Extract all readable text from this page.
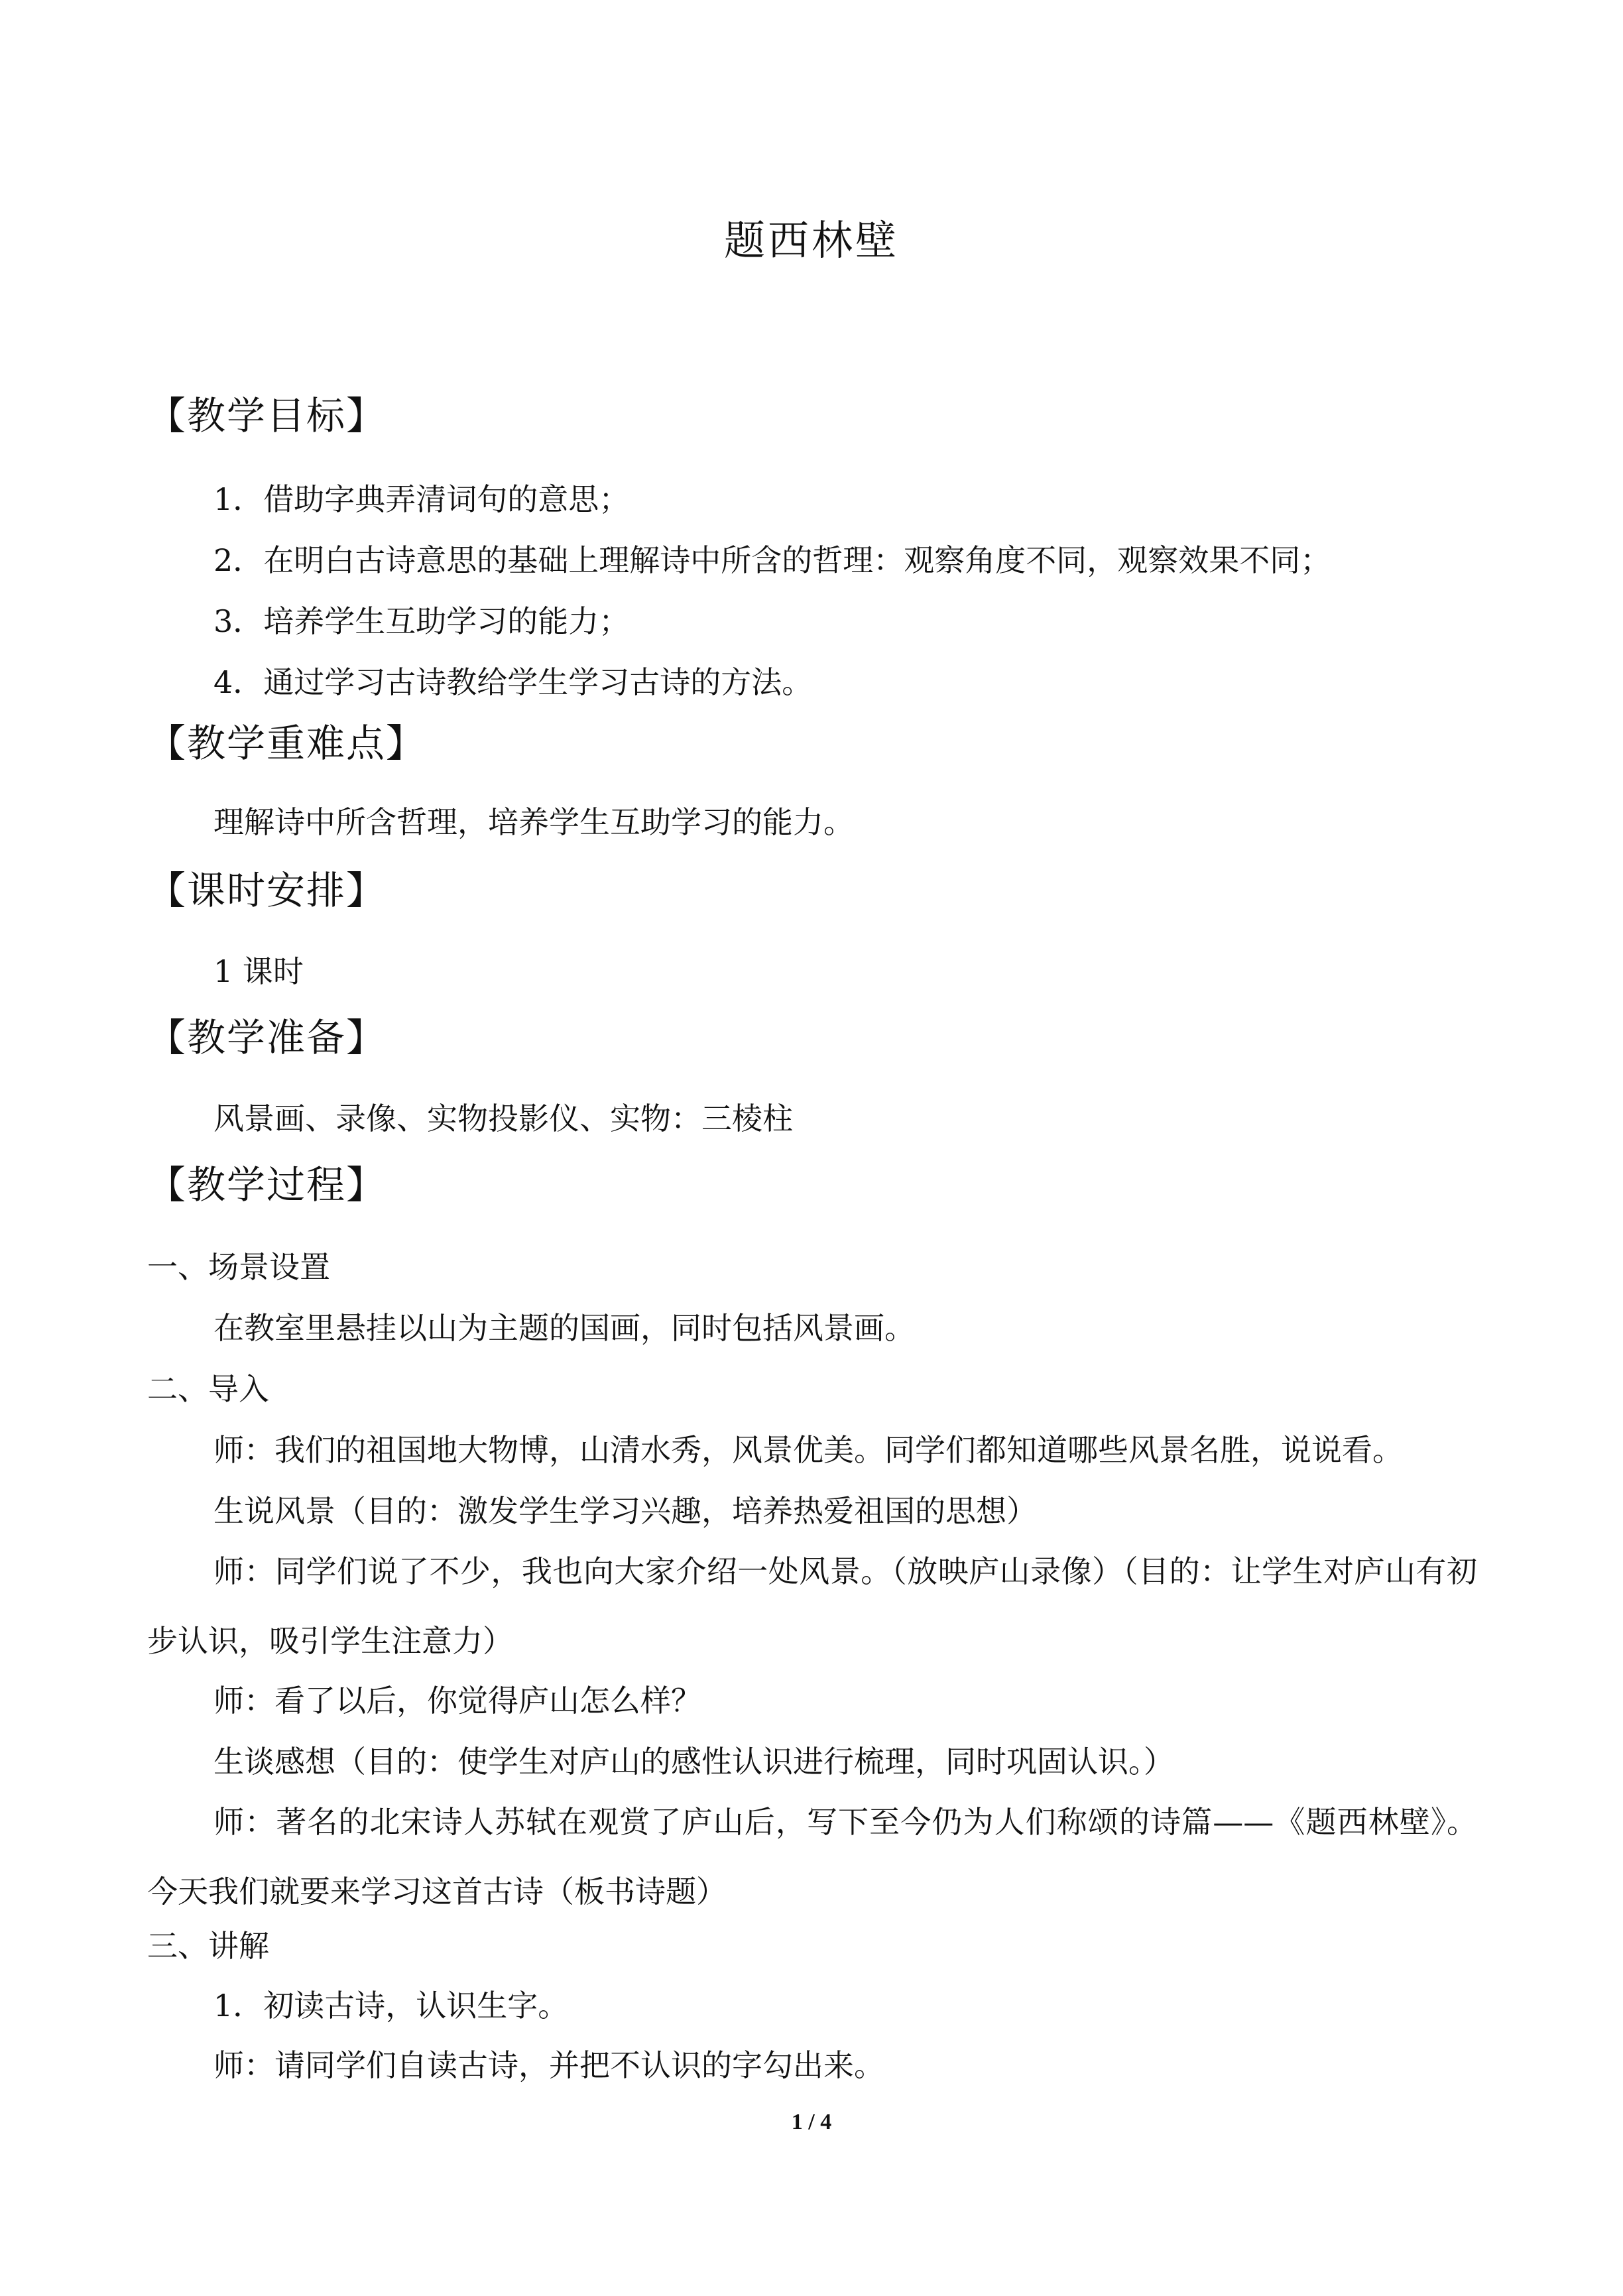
题西林壁
【教学目标】
1．借助字典弄清词句的意思；
2．在明白古诗意思的基础上理解诗中所含的哲理：观察角度不同，观察效果不同；
3．培养学生互助学习的能力；
4．通过学习古诗教给学生学习古诗的方法。
【教学重难点】
理解诗中所含哲理，培养学生互助学习的能力。
【课时安排】
1 课时
【教学准备】
风景画、录像、实物投影仪、实物：三棱柱
【教学过程】
一、场景设置
在教室里悬挂以山为主题的国画，同时包括风景画。
二、导入
师：我们的祖国地大物博，山清水秀，风景优美。同学们都知道哪些风景名胜，说说看。
生说风景（目的：激发学生学习兴趣，培养热爱祖国的思想）
师：同学们说了不少，我也向大家介绍一处风景。（放映庐山录像）（目的：让学生对庐山有初步认识，吸引学生注意力）
师：看了以后，你觉得庐山怎么样？
生谈感想（目的：使学生对庐山的感性认识进行梳理，同时巩固认识。）
师：著名的北宋诗人苏轼在观赏了庐山后，写下至今仍为人们称颂的诗篇——《题西林壁》。今天我们就要来学习这首古诗（板书诗题）
三、讲解
1．初读古诗，认识生字。
师：请同学们自读古诗，并把不认识的字勾出来。
1 / 4
